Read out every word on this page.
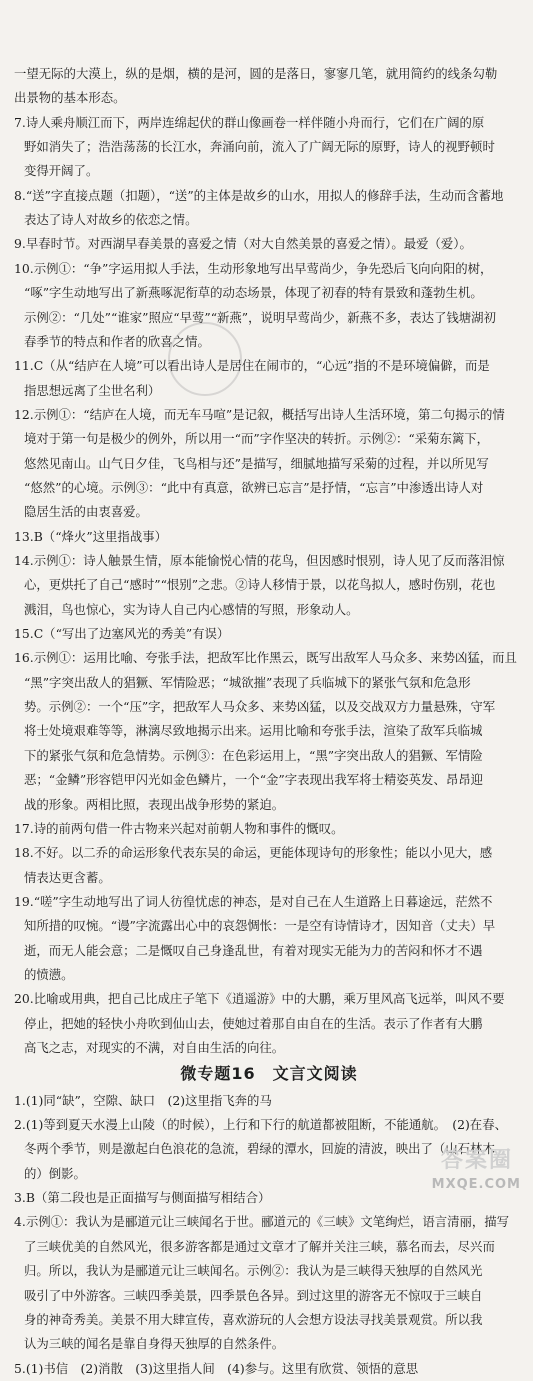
一望无际的大漠上，纵的是烟，横的是河，圆的是落日，寥寥几笔，就用简约的线条勾勒
出景物的基本形态。
7.诗人乘舟顺江而下，两岸连绵起伏的群山像画卷一样伴随小舟而行，它们在广阔的原
野如消失了；浩浩荡荡的长江水，奔涌向前，流入了广阔无际的原野，诗人的视野顿时
变得开阔了。
8.“送”字直接点题（扣题），“送”的主体是故乡的山水，用拟人的修辞手法，生动而含蓄地
表达了诗人对故乡的依恋之情。
9.早春时节。对西湖早春美景的喜爱之情（对大自然美景的喜爱之情）。最爱（爱）。
10.示例①：“争”字运用拟人手法，生动形象地写出早莺尚少，争先恐后飞向向阳的树，
“啄”字生动地写出了新燕啄泥衔草的动态场景，体现了初春的特有景致和蓬勃生机。
示例②：“几处”“谁家”照应“早莺”“新燕”，说明早莺尚少，新燕不多，表达了钱塘湖初
春季节的特点和作者的欣喜之情。
11.C（从“结庐在人境”可以看出诗人是居住在闹市的，“心远”指的不是环境偏僻，而是
指思想远离了尘世名利）
12.示例①：“结庐在人境，而无车马喧”是记叙，概括写出诗人生活环境，第二句揭示的情
境对于第一句是极少的例外，所以用一“而”字作坚决的转折。示例②：“采菊东篱下，
悠然见南山。山气日夕佳，飞鸟相与还”是描写，细腻地描写采菊的过程，并以所见写
“悠然”的心境。示例③：“此中有真意，欲辨已忘言”是抒情，“忘言”中渗透出诗人对
隐居生活的由衷喜爱。
13.B（“烽火”这里指战事）
14.示例①：诗人触景生情，原本能愉悦心情的花鸟，但因感时恨别，诗人见了反而落泪惊
心，更烘托了自己“感时”“恨别”之悲。②诗人移情于景，以花鸟拟人，感时伤别，花也
溅泪，鸟也惊心，实为诗人自己内心感情的写照，形象动人。
15.C（“写出了边塞风光的秀美”有误）
16.示例①：运用比喻、夸张手法，把敌军比作黑云，既写出敌军人马众多、来势凶猛，而且
“黑”字突出敌人的猖獗、军情险恶；“城欲摧”表现了兵临城下的紧张气氛和危急形
势。示例②：一个“压”字，把敌军人马众多、来势凶猛，以及交战双方力量悬殊，守军
将士处境艰难等等，淋漓尽致地揭示出来。运用比喻和夸张手法，渲染了敌军兵临城
下的紧张气氛和危急情势。示例③：在色彩运用上，“黑”字突出敌人的猖獗、军情险
恶；“金鳞”形容铠甲闪光如金色鳞片，一个“金”字表现出我军将士精姿英发、昂昂迎
战的形象。两相比照，表现出战争形势的紧迫。
17.诗的前两句借一件古物来兴起对前朝人物和事件的慨叹。
18.不好。以二乔的命运形象代表东吴的命运，更能体现诗句的形象性；能以小见大，感
情表达更含蓄。
19.“嗟”字生动地写出了词人彷徨忧虑的神态，是对自己在人生道路上日暮途远，茫然不
知所措的叹惋。“谩”字流露出心中的哀怨惆怅：一是空有诗情诗才，因知音（丈夫）早
逝，而无人能会意；二是慨叹自己身逢乱世，有着对现实无能为力的苦闷和怀才不遇
的愤懑。
20.比喻或用典，把自己比成庄子笔下《逍遥游》中的大鹏，乘万里风高飞远举，叫风不要
停止，把她的轻快小舟吹到仙山去，使她过着那自由自在的生活。表示了作者有大鹏
高飞之志，对现实的不满，对自由生活的向往。
微专题16　文言文阅读
1.(1)同“缺”，空隙、缺口　(2)这里指飞奔的马
2.(1)等到夏天水漫上山陵（的时候），上行和下行的航道都被阻断，不能通航。　(2)在春、
冬两个季节，则是激起白色浪花的急流，碧绿的潭水，回旋的清波，映出了（山石林木
的）倒影。
3.B（第二段也是正面描写与侧面描写相结合）
4.示例①：我认为是郦道元让三峡闻名于世。郦道元的《三峡》文笔绚烂，语言清丽，描写
了三峡优美的自然风光，很多游客都是通过文章才了解并关注三峡，慕名而去，尽兴而
归。所以，我认为是郦道元让三峡闻名。示例②：我认为是三峡得天独厚的自然风光
吸引了中外游客。三峡四季美景，四季景色各异。到过这里的游客无不惊叹于三峡自
身的神奇秀美。美景不用大肆宣传，喜欢游玩的人会想方设法寻找美景观赏。所以我
认为三峡的闻名是靠自身得天独厚的自然条件。
5.(1)书信　(2)消散　(3)这里指人间　(4)参与。这里有欣赏、领悟的意思
答案圈
MXQE.COM
